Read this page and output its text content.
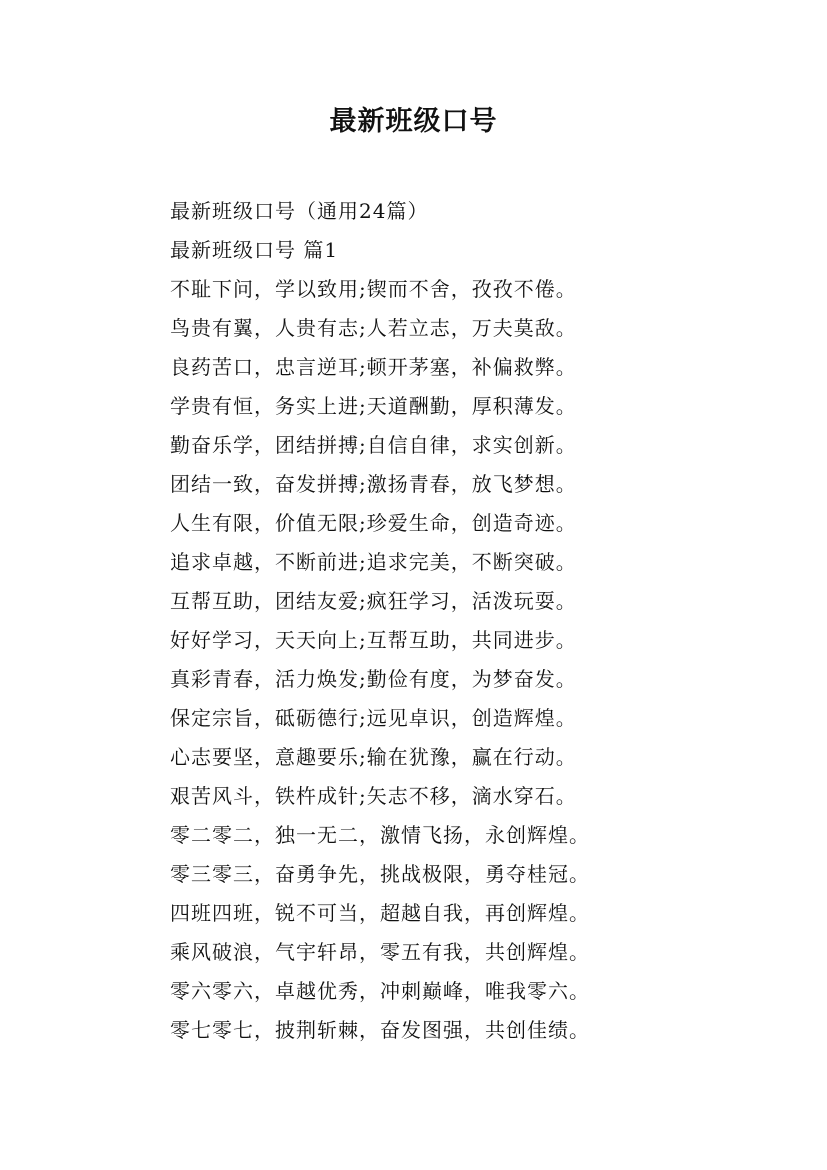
最新班级口号
最新班级口号（通用24篇）
最新班级口号 篇1
不耻下问，学以致用;锲而不舍，孜孜不倦。
鸟贵有翼，人贵有志;人若立志，万夫莫敌。
良药苦口，忠言逆耳;顿开茅塞，补偏救弊。
学贵有恒，务实上进;天道酬勤，厚积薄发。
勤奋乐学，团结拼搏;自信自律，求实创新。
团结一致，奋发拼搏;激扬青春，放飞梦想。
人生有限，价值无限;珍爱生命，创造奇迹。
追求卓越，不断前进;追求完美，不断突破。
互帮互助，团结友爱;疯狂学习，活泼玩耍。
好好学习，天天向上;互帮互助，共同进步。
真彩青春，活力焕发;勤俭有度，为梦奋发。
保定宗旨，砥砺德行;远见卓识，创造辉煌。
心志要坚，意趣要乐;输在犹豫，赢在行动。
艰苦风斗，铁杵成针;矢志不移，滴水穿石。
零二零二，独一无二，激情飞扬，永创辉煌。
零三零三，奋勇争先，挑战极限，勇夺桂冠。
四班四班，锐不可当，超越自我，再创辉煌。
乘风破浪，气宇轩昂，零五有我，共创辉煌。
零六零六，卓越优秀，冲刺巅峰，唯我零六。
零七零七，披荆斩棘，奋发图强，共创佳绩。
